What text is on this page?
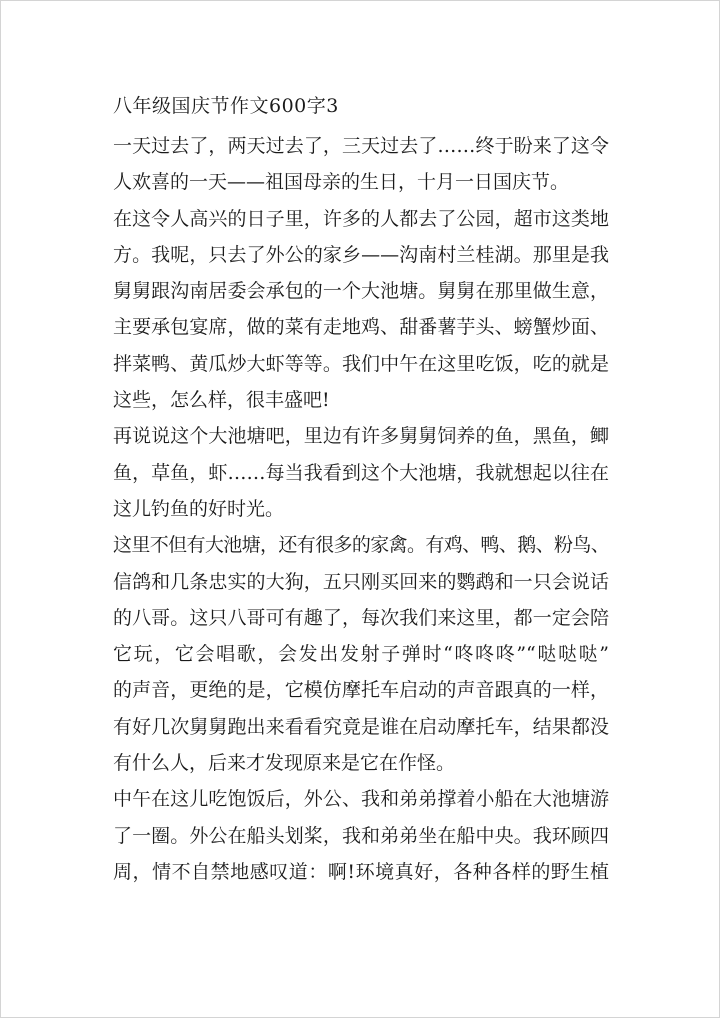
八年级国庆节作文600字3

一天过去了，两天过去了，三天过去了……终于盼来了这令

人欢喜的一天——祖国母亲的生日，十月一日国庆节。

在这令人高兴的日子里，许多的人都去了公园，超市这类地

方。我呢，只去了外公的家乡——沟南村兰桂湖。那里是我

舅舅跟沟南居委会承包的一个大池塘。舅舅在那里做生意，

主要承包宴席，做的菜有走地鸡、甜番薯芋头、螃蟹炒面、

拌菜鸭、黄瓜炒大虾等等。我们中午在这里吃饭，吃的就是

这些，怎么样，很丰盛吧!

再说说这个大池塘吧，里边有许多舅舅饲养的鱼，黑鱼，鲫

鱼，草鱼，虾……每当我看到这个大池塘，我就想起以往在

这儿钓鱼的好时光。

这里不但有大池塘，还有很多的家禽。有鸡、鸭、鹅、粉鸟、

信鸽和几条忠实的大狗，五只刚买回来的鹦鹉和一只会说话

的八哥。这只八哥可有趣了，每次我们来这里，都一定会陪

它玩，它会唱歌，会发出发射子弹时“咚咚咚”“哒哒哒”

的声音，更绝的是，它模仿摩托车启动的声音跟真的一样，

有好几次舅舅跑出来看看究竟是谁在启动摩托车，结果都没

有什么人，后来才发现原来是它在作怪。

中午在这儿吃饱饭后，外公、我和弟弟撑着小船在大池塘游

了一圈。外公在船头划桨，我和弟弟坐在船中央。我环顾四

周，情不自禁地感叹道：啊!环境真好，各种各样的野生植
